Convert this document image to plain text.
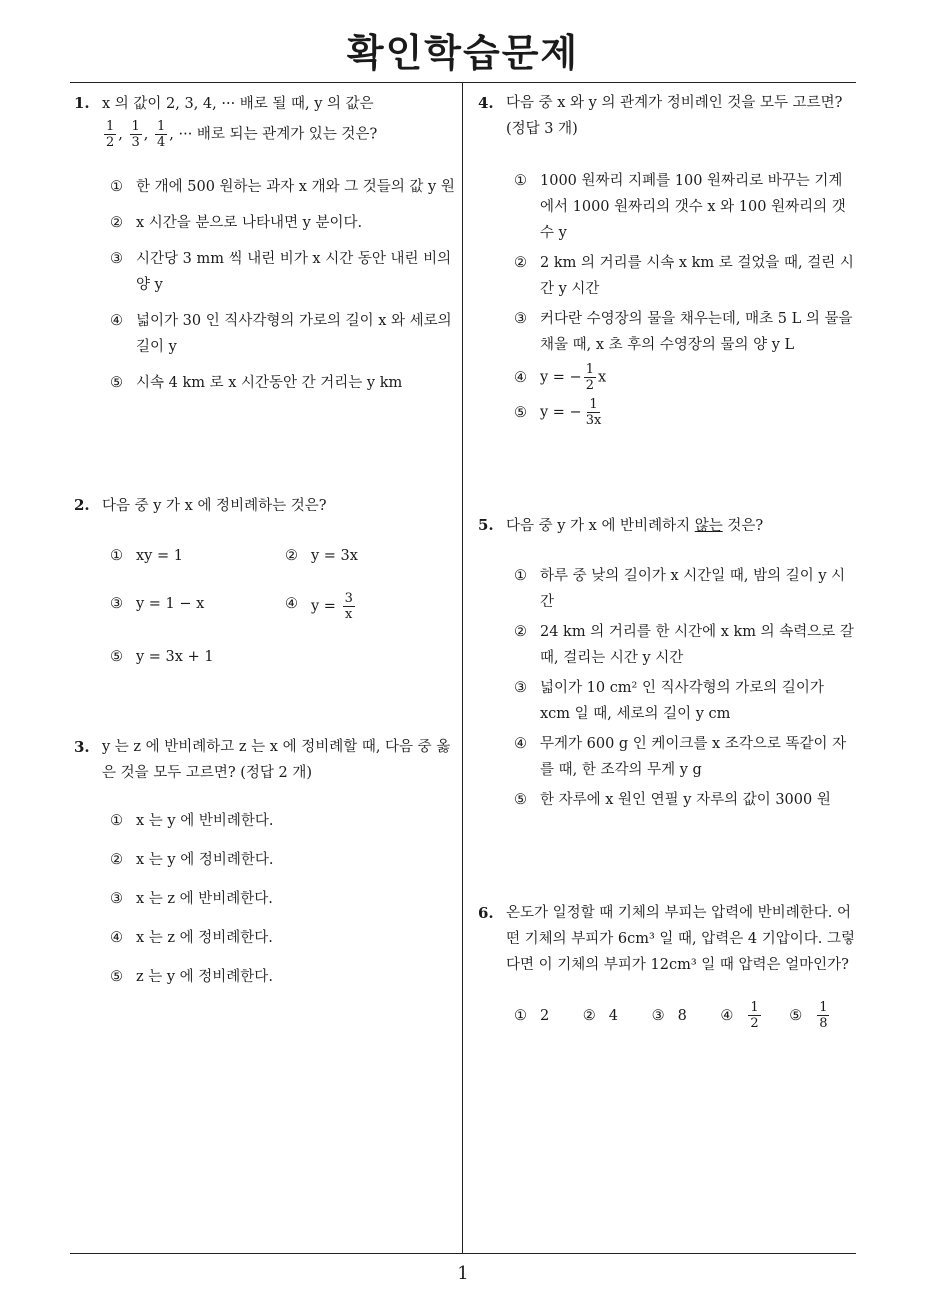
확인학습문제
1
1. x 의 값이 2, 3, 4, ··· 배로 될 때, y 의 값은
$\frac{1}{2}$ , $\frac{1}{3}$ , $\frac{1}{4}$ , ··· 배로 되는 관계가 있는 것은?
① 한 개에 500 원하는 과자 x 개와 그 것들의 값 y 원
② x 시간을 분으로 나타내면 y 분이다.
③ 시간당 3 mm 씩 내린 비가 x 시간 동안 내린 비의 양 y
④ 넓이가 30 인 직사각형의 가로의 길이 x 와 세로의 길이 y
⑤ 시속 4 km 로 x 시간동안 간 거리는 y km
2. 다음 중 y 가 x 에 정비례하는 것은?
① xy = 1	② y = 3x
③ y = 1 − x	④ $y = \frac{3}{x}$
⑤ y = 3x + 1
3. y 는 z 에 반비례하고 z 는 x 에 정비례할 때, 다음 중 옳은 것을 모두 고르면? (정답 2 개)
① x 는 y 에 반비례한다.
② x 는 y 에 정비례한다.
③ x 는 z 에 반비례한다.
④ x 는 z 에 정비례한다.
⑤ z 는 y 에 정비례한다.
4. 다음 중 x 와 y 의 관계가 정비례인 것을 모두 고르면? (정답 3 개)
① 1000 원짜리 지폐를 100 원짜리로 바꾸는 기계에서 1000 원짜리의 갯수 x 와 100 원짜리의 갯수 y
② 2 km 의 거리를 시속 x km 로 걸었을 때, 걸린 시간 y 시간
③ 커다란 수영장의 물을 채우는데, 매초 5 L 의 물을 채울 때, x 초 후의 수영장의 물의 양 y L
④ y = − $\frac{1}{2}$ x
⑤ y = − $\frac{1}{3x}$
5. 다음 중 y 가 x 에 반비례하지 않는 것은?
① 하루 중 낮의 길이가 x 시간일 때, 밤의 길이 y 시간
② 24 km 의 거리를 한 시간에 x km 의 속력으로 갈 때, 걸리는 시간 y 시간
③ 넓이가 10 cm² 인 직사각형의 가로의 길이가 xcm 일 때, 세로의 길이 y cm
④ 무게가 600 g 인 케이크를 x 조각으로 똑같이 자를 때, 한 조각의 무게 y g
⑤ 한 자루에 x 원인 연필 y 자루의 값이 3000 원
6. 온도가 일정할 때 기체의 부피는 압력에 반비례한다. 어떤 기체의 부피가 6cm³ 일 때, 압력은 4 기압이다. 그렇다면 이 기체의 부피가 12cm³ 일 때 압력은 얼마인가?
① 2 ② 4 ③ 8 ④	$\frac{1}{2}$ ⑤	$\frac{1}{8}$
